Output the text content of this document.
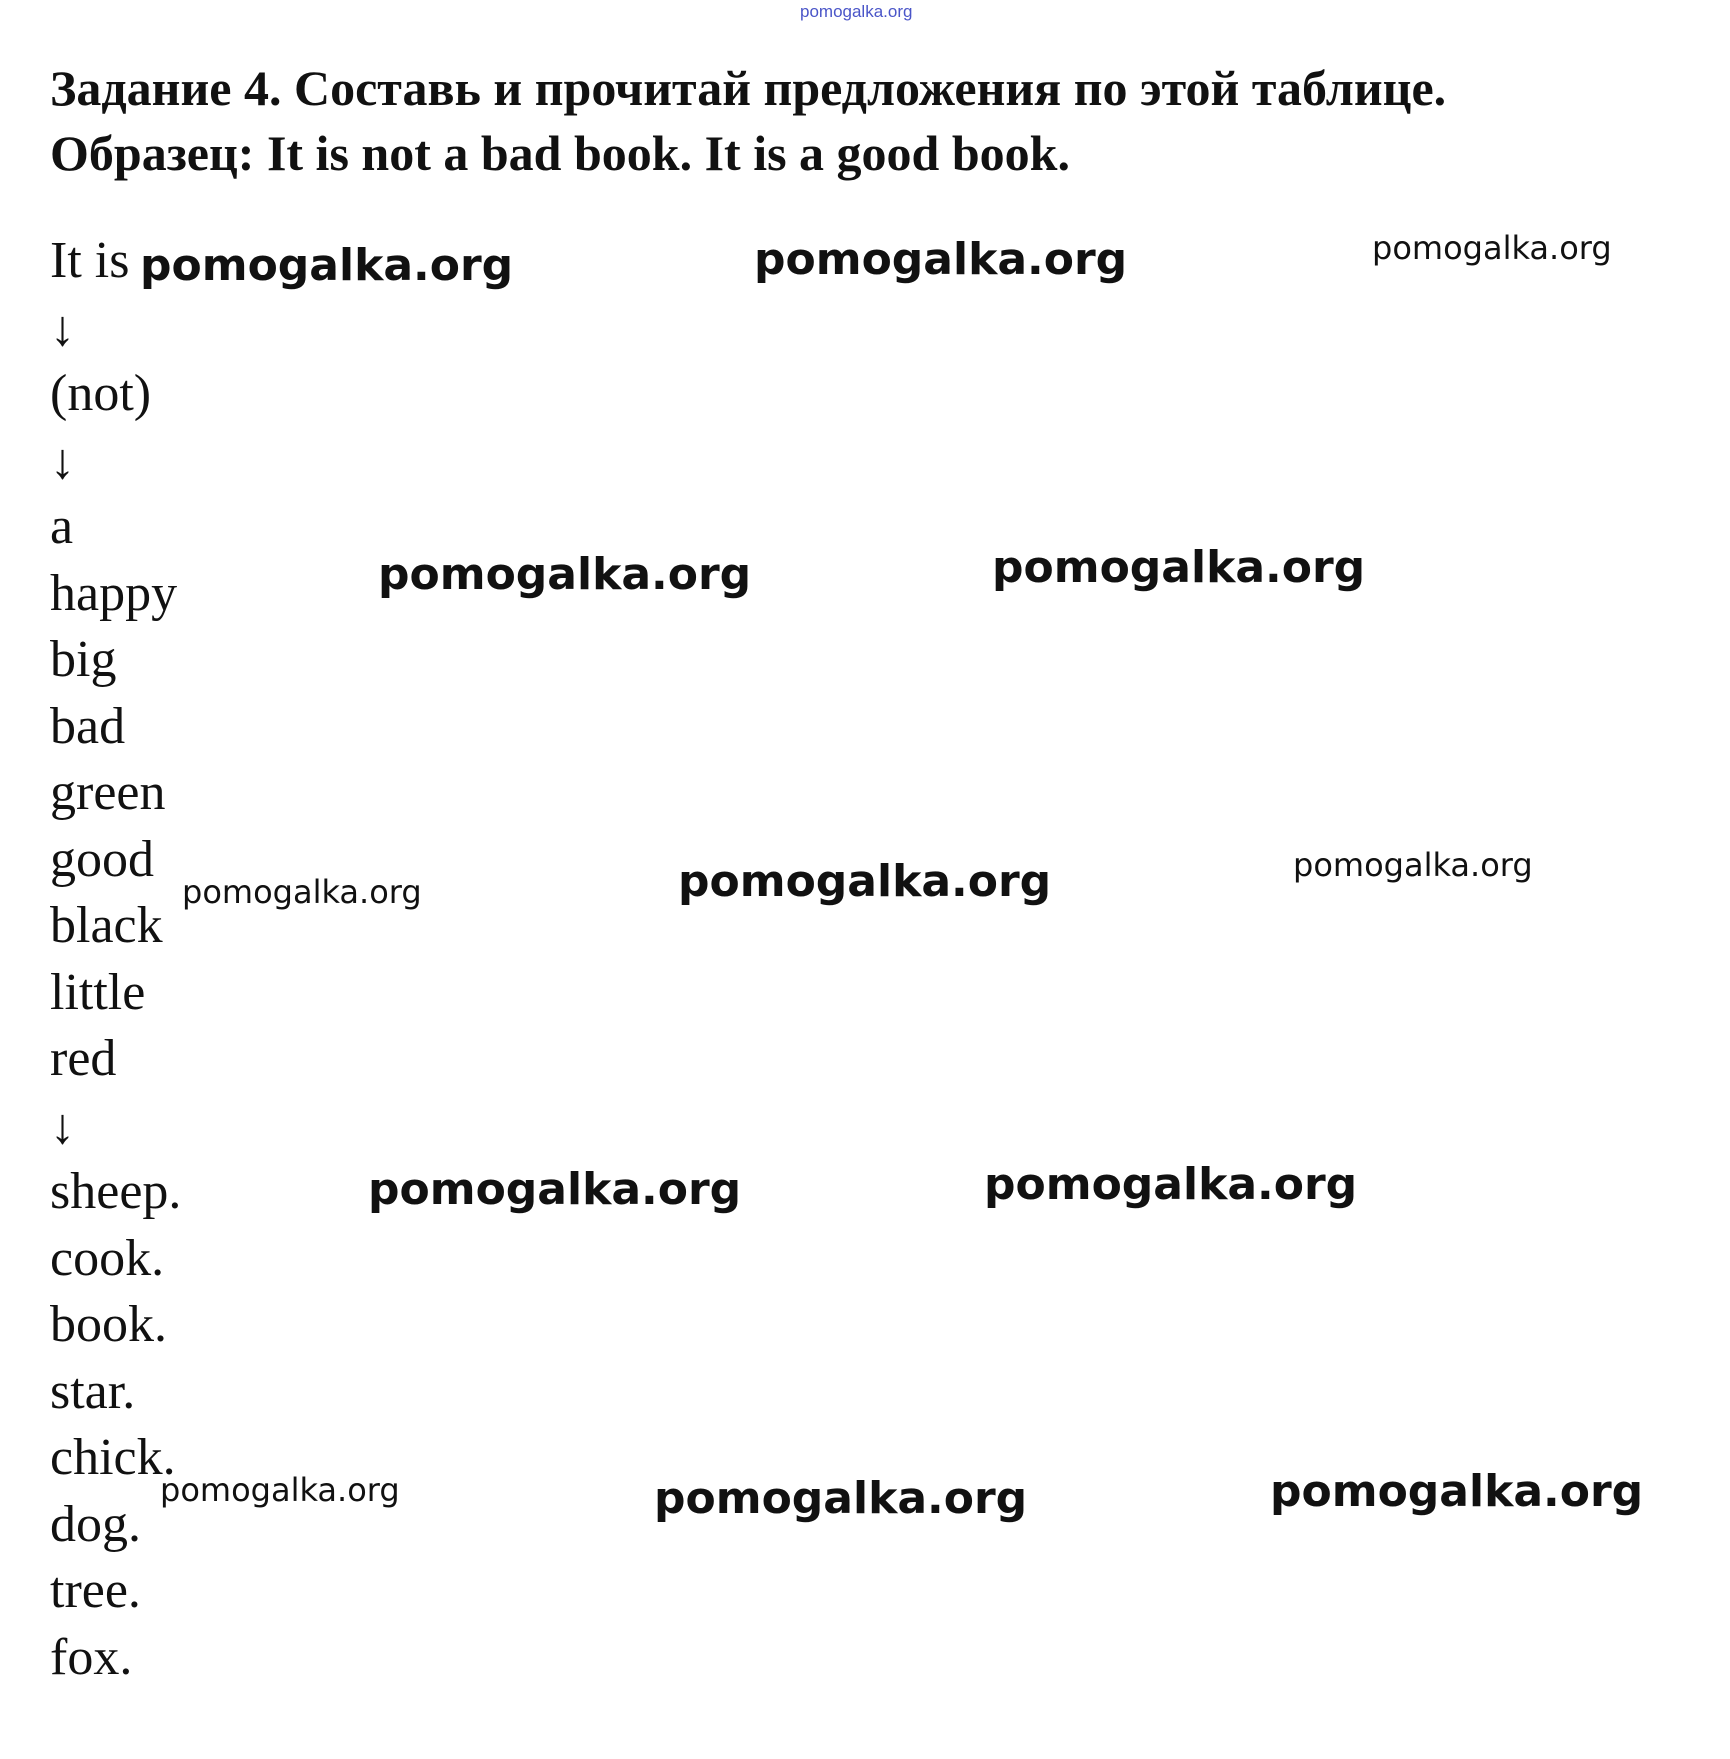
pomogalka.org
Задание 4. Составь и прочитай предложения по этой таблице.
Образец: It is not a bad book. It is a good book.
It is
↓
(not)
↓
a
happy
big
bad
green
good
black
little
red
↓
sheep.
cook.
book.
star.
chick.
dog.
tree.
fox.
pomogalka.org	pomogalka.org	pomogalka.org
pomogalka.org	pomogalka.org
pomogalka.org	pomogalka.org	pomogalka.org
pomogalka.org	pomogalka.org
pomogalka.org	pomogalka.org	pomogalka.org
